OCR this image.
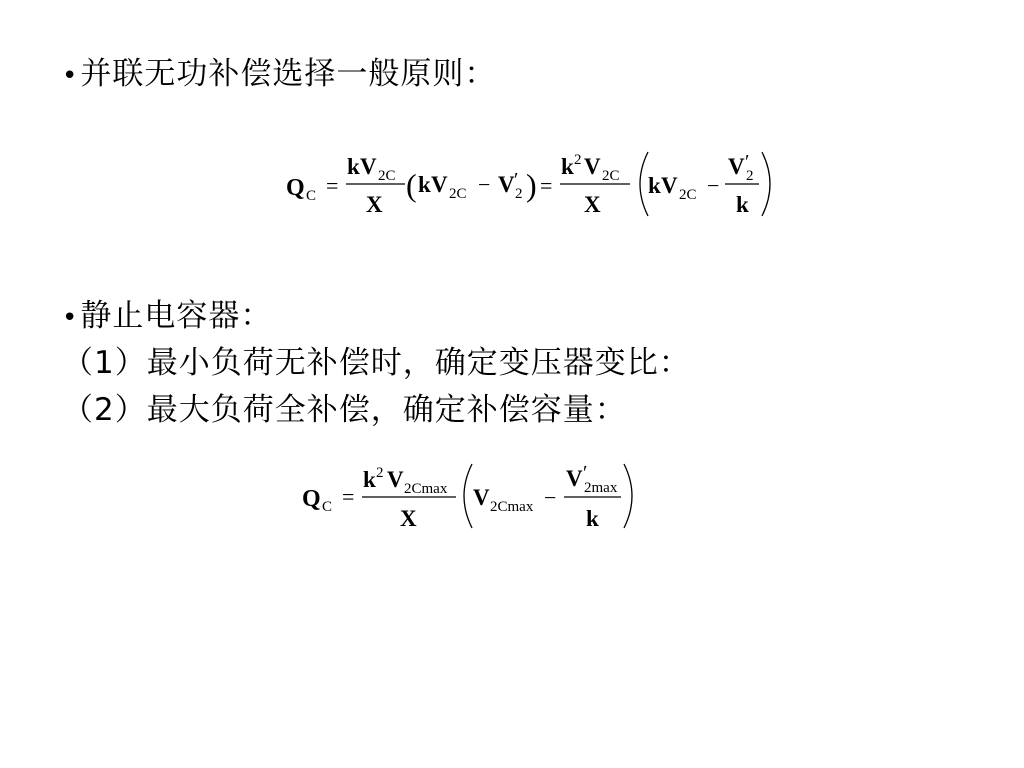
•并联无功补偿选择一般原则：
•静止电容器：
（1）最小负荷无补偿时，确定变压器变比：
（2）最大负荷全补偿，确定补偿容量：
Q C =
k V 2C
X
( k V 2C − V ′
2 ) =
k 2 V 2C
X
k V 2C −
V ′
2
k
Q C =
k 2 V 2Cmax
X
V 2Cmax −
V ′
2max
k
